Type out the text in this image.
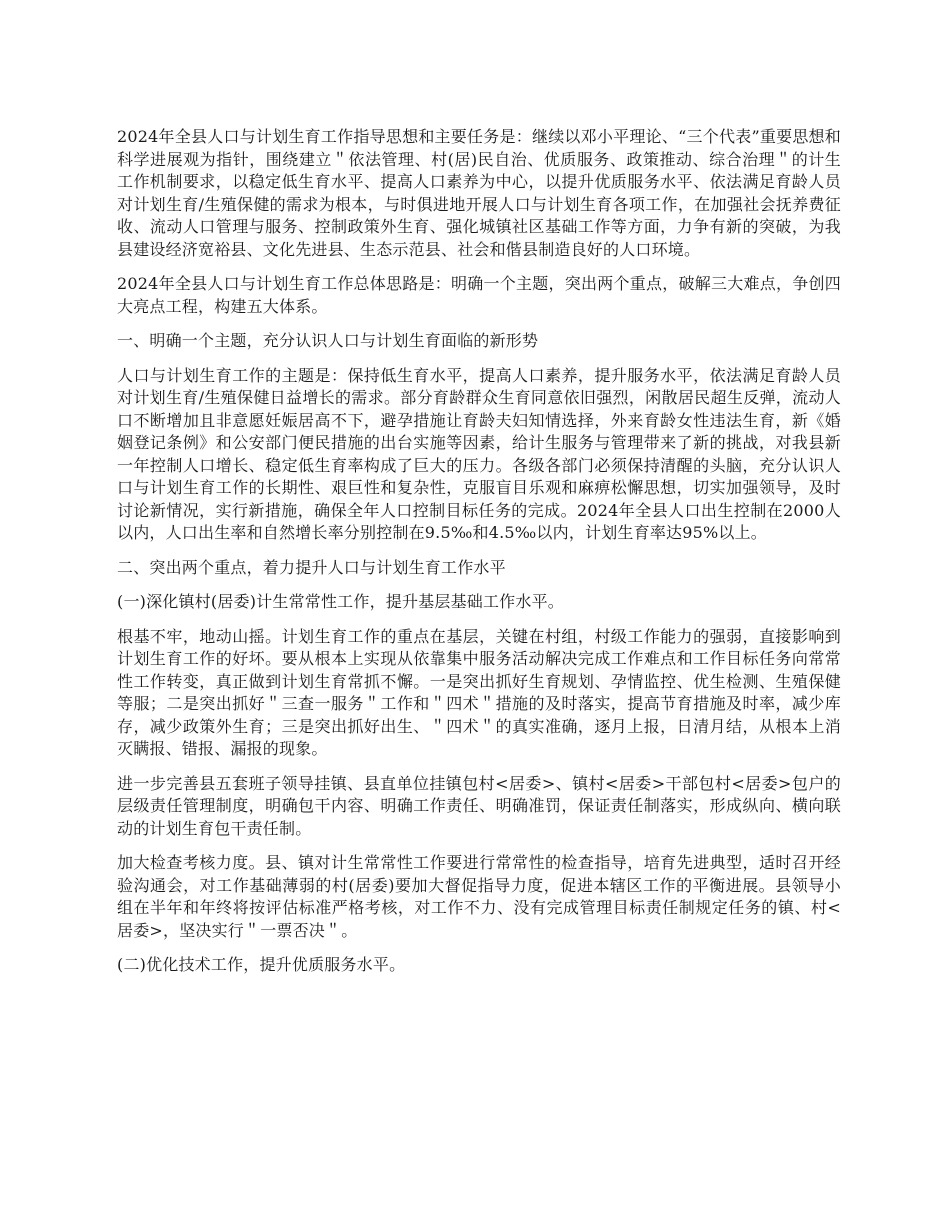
2024年全县人口与计划生育工作指导思想和主要任务是：继续以邓小平理论、“三个代表”重要思想和科学进展观为指针，围绕建立＂依法管理、村(居)民自治、优质服务、政策推动、综合治理＂的计生工作机制要求，以稳定低生育水平、提高人口素养为中心，以提升优质服务水平、依法满足育龄人员对计划生育/生殖保健的需求为根本，与时俱进地开展人口与计划生育各项工作，在加强社会抚养费征收、流动人口管理与服务、控制政策外生育、强化城镇社区基础工作等方面，力争有新的突破，为我县建设经济宽裕县、文化先进县、生态示范县、社会和偕县制造良好的人口环境。

2024年全县人口与计划生育工作总体思路是：明确一个主题，突出两个重点，破解三大难点，争创四大亮点工程，构建五大体系。

一、明确一个主题，充分认识人口与计划生育面临的新形势

人口与计划生育工作的主题是：保持低生育水平，提高人口素养，提升服务水平，依法满足育龄人员对计划生育/生殖保健日益增长的需求。部分育龄群众生育同意依旧强烈，闲散居民超生反弹，流动人口不断增加且非意愿妊娠居高不下，避孕措施让育龄夫妇知情选择，外来育龄女性违法生育，新《婚姻登记条例》和公安部门便民措施的出台实施等因素，给计生服务与管理带来了新的挑战，对我县新一年控制人口增长、稳定低生育率构成了巨大的压力。各级各部门必须保持清醒的头脑，充分认识人口与计划生育工作的长期性、艰巨性和复杂性，克服盲目乐观和麻痹松懈思想，切实加强领导，及时讨论新情况，实行新措施，确保全年人口控制目标任务的完成。2024年全县人口出生控制在2000人以内，人口出生率和自然增长率分别控制在9.5‰和4.5‰以内，计划生育率达95%以上。

二、突出两个重点，着力提升人口与计划生育工作水平

(一)深化镇村(居委)计生常常性工作，提升基层基础工作水平。

根基不牢，地动山摇。计划生育工作的重点在基层，关键在村组，村级工作能力的强弱，直接影响到计划生育工作的好坏。要从根本上实现从依靠集中服务活动解决完成工作难点和工作目标任务向常常性工作转变，真正做到计划生育常抓不懈。一是突出抓好生育规划、孕情监控、优生检测、生殖保健等服；二是突出抓好＂三查一服务＂工作和＂四术＂措施的及时落实，提高节育措施及时率，减少库存，减少政策外生育；三是突出抓好出生、＂四术＂的真实准确，逐月上报，日清月结，从根本上消灭瞒报、错报、漏报的现象。

进一步完善县五套班子领导挂镇、县直单位挂镇包村<居委>、镇村<居委>干部包村<居委>包户的层级责任管理制度，明确包干内容、明确工作责任、明确准罚，保证责任制落实，形成纵向、横向联动的计划生育包干责任制。

加大检查考核力度。县、镇对计生常常性工作要进行常常性的检查指导，培育先进典型，适时召开经验沟通会，对工作基础薄弱的村(居委)要加大督促指导力度，促进本辖区工作的平衡进展。县领导小组在半年和年终将按评估标准严格考核，对工作不力、没有完成管理目标责任制规定任务的镇、村<居委>，坚决实行＂一票否决＂。

(二)优化技术工作，提升优质服务水平。
